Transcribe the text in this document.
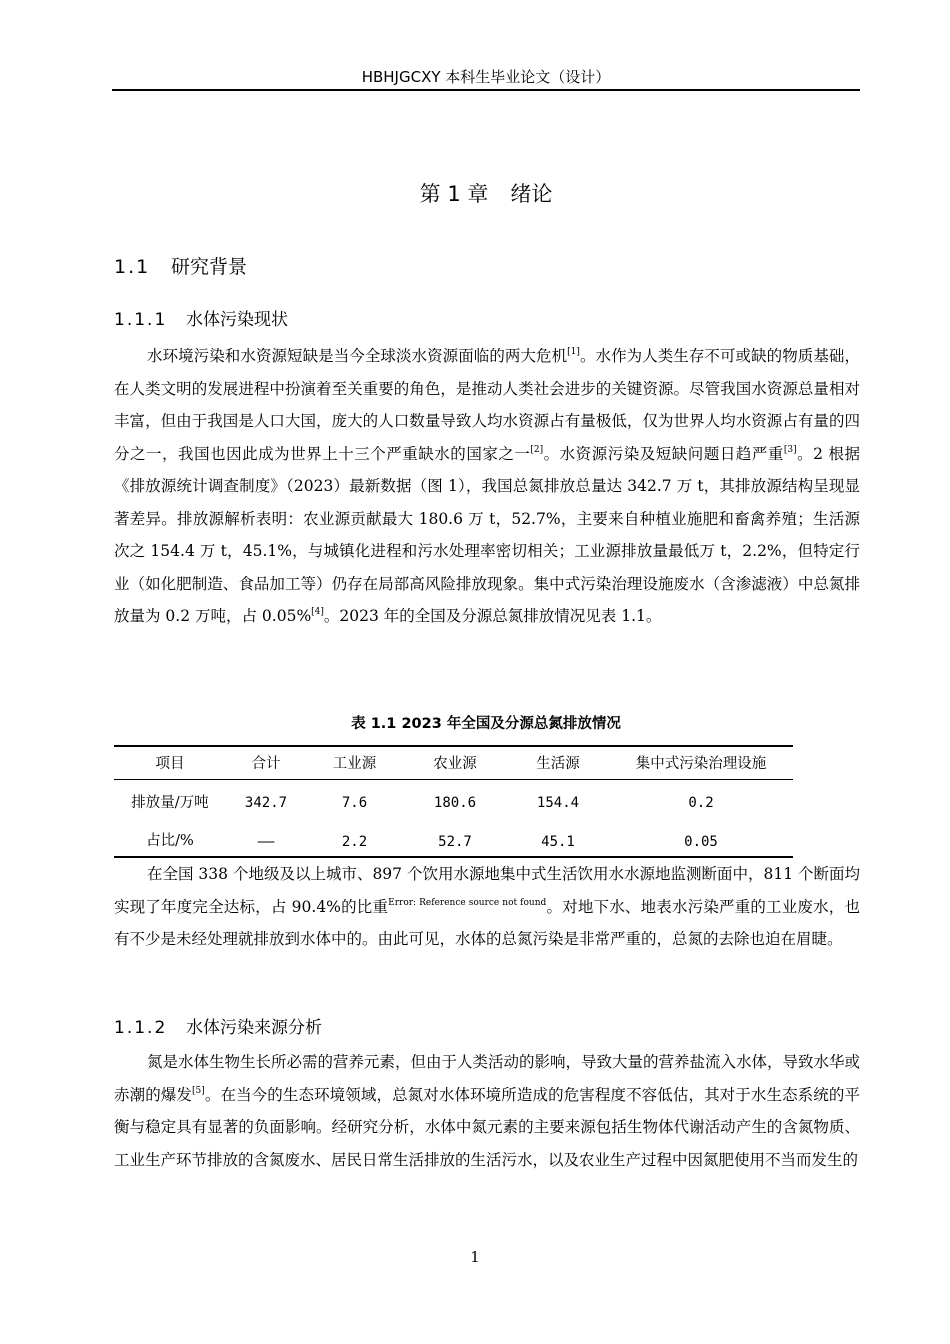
HBHJGCXY 本科生毕业论文（设计）
第 1 章 绪论
1.1 研究背景
1.1.1 水体污染现状

水环境污染和水资源短缺是当今全球淡水资源面临的两大危机[1]。水作为人类生存不可或缺的物质基础，在人类文明的发展进程中扮演着至关重要的角色，是推动人类社会进步的关键资源。尽管我国水资源总量相对丰富，但由于我国是人口大国，庞大的人口数量导致人均水资源占有量极低，仅为世界人均水资源占有量的四分之一，我国也因此成为世界上十三个严重缺水的国家之一[2]。水资源污染及短缺问题日趋严重[3]。2 根据《排放源统计调查制度》（2023）最新数据（图 1），我国总氮排放总量达 342.7 万 t，其排放源结构呈现显著差异。排放源解析表明：农业源贡献最大 180.6 万 t，52.7%，主要来自种植业施肥和畜禽养殖；生活源次之 154.4 万 t，45.1%，与城镇化进程和污水处理率密切相关；工业源排放量最低万 t，2.2%，但特定行业（如化肥制造、食品加工等）仍存在局部高风险排放现象。集中式污染治理设施废水（含渗滤液）中总氮排放量为 0.2 万吨，占 0.05%[4]。2023 年的全国及分源总氮排放情况见表 1.1。

表 1.1 2023 年全国及分源总氮排放情况
项目	合计	工业源	农业源	生活源	集中式污染治理设施
排放量/万吨	342.7	7.6	180.6	154.4	0.2
占比/%	——	2.2	52.7	45.1	0.05

在全国 338 个地级及以上城市、897 个饮用水源地集中式生活饮用水水源地监测断面中，811 个断面均实现了年度完全达标，占 90.4%的比重$^{Error: Reference source not found}$。对地下水、地表水污染严重的工业废水，也有不少是未经处理就排放到水体中的。由此可见，水体的总氮污染是非常严重的，总氮的去除也迫在眉睫。

1.1.2 水体污染来源分析

氮是水体生物生长所必需的营养元素，但由于人类活动的影响，导致大量的营养盐流入水体，导致水华或赤潮的爆发[5]。在当今的生态环境领域，总氮对水体环境所造成的危害程度不容低估，其对于水生态系统的平衡与稳定具有显著的负面影响。经研究分析，水体中氮元素的主要来源包括生物体代谢活动产生的含氮物质、工业生产环节排放的含氮废水、居民日常生活排放的生活污水，以及农业生产过程中因氮肥使用不当而发生的

1
